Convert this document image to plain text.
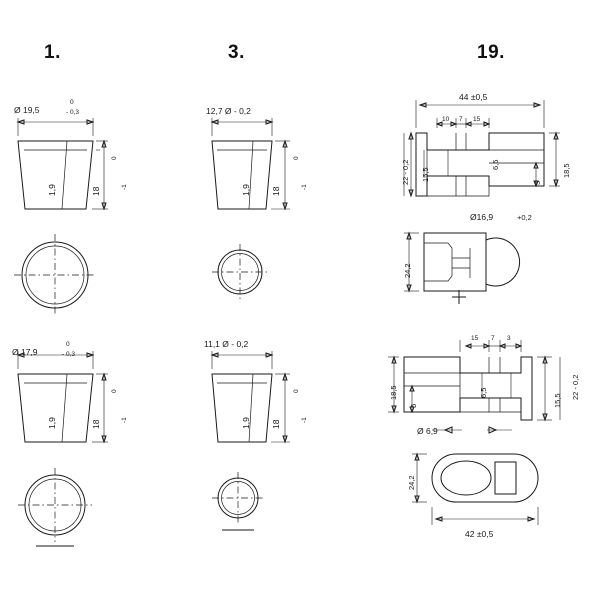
1.	3.	19.
Ø 19,5
0
- 0,3
1,9	18
0
-1
Ø 17,9
0
- 0,3
1,9	18
0
-1
12,7 Ø - 0,2
1,9 18
0
-1
11,1 Ø - 0,2
1,9 18
0
-1
44 ±0,5
10 7 15
22 - 0,2 15,5
6,5
5
18,5
Ø16,9	+0,2
24,2
15 7 3
18,5
5
6,5
15,5
22 - 0,2
Ø 6,9
24,2
42 ±0,5
